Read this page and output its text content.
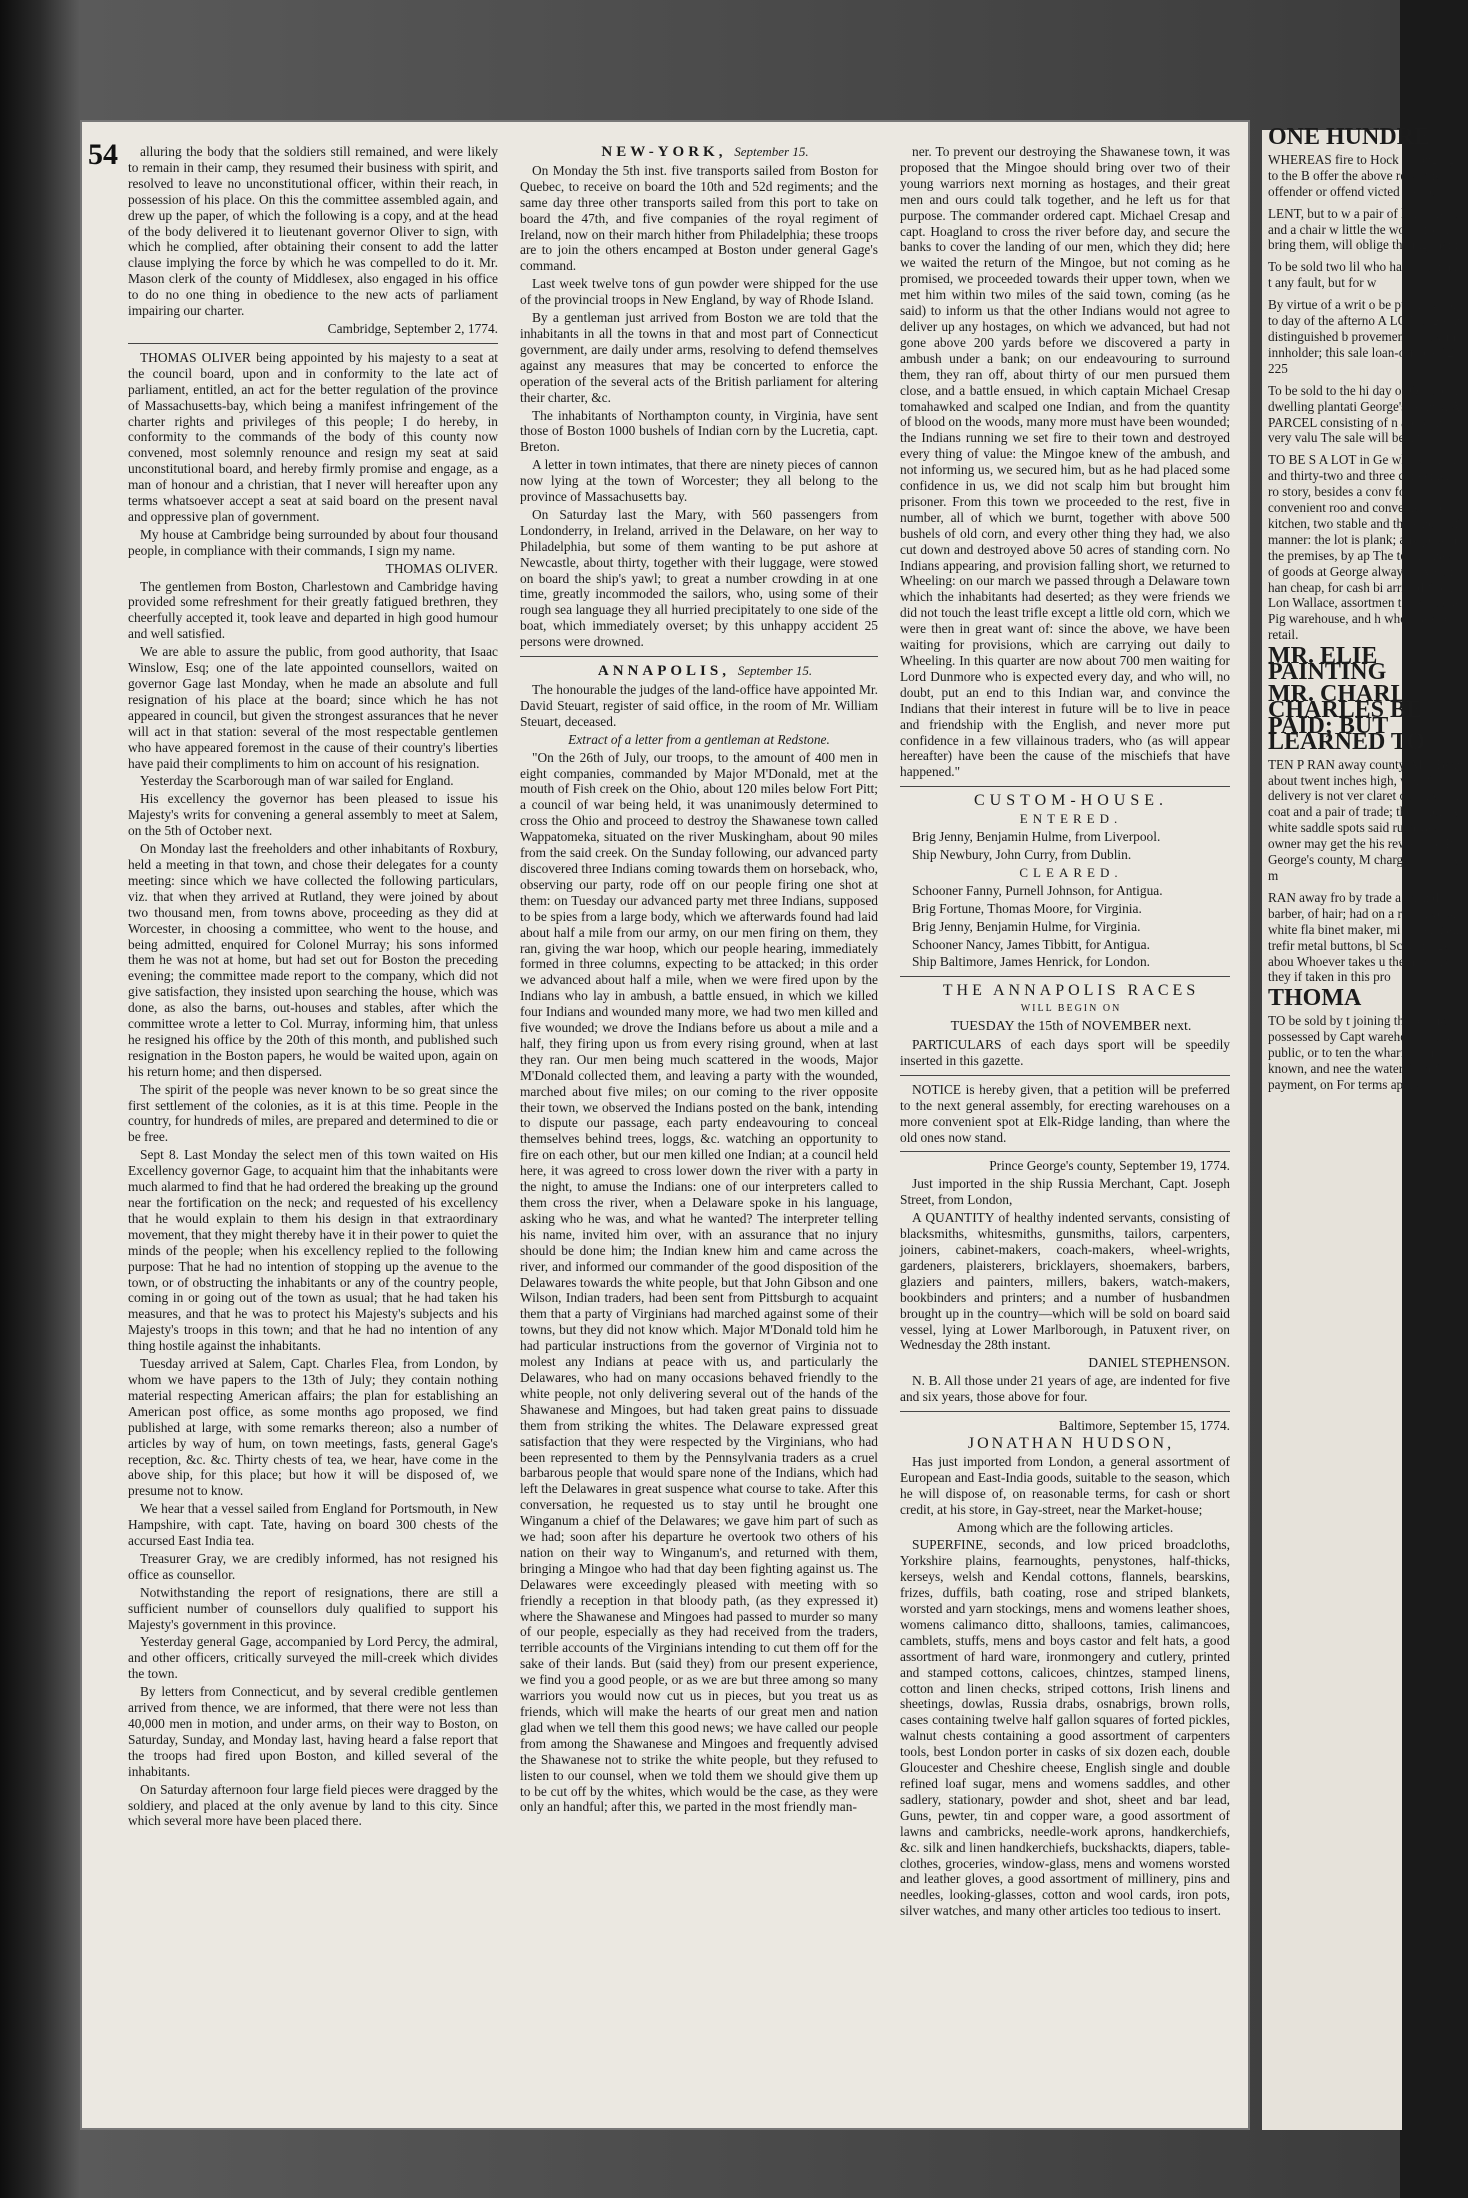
54	alluring the body that the soldiers still remained, and were likely to remain in their camp, they resumed their business with spirit, and resolved to leave no unconstitutional officer, within their reach, in possession of his place. On this the committee assembled again, and drew up the paper, of which the following is a copy, and at the head of the body delivered it to lieutenant governor Oliver to sign, with which he complied, after obtaining their consent to add the latter clause implying the force by which he was compelled to do it. Mr. Mason clerk of the county of Middlesex, also engaged in his office to do no one thing in obedience to the new acts of parliament impairing our charter.

Cambridge, September 2, 1774.

THOMAS OLIVER being appointed by his majesty to a seat at the council board, upon and in conformity to the late act of parliament, entitled, an act for the better regulation of the province of Massachusetts-bay, which being a manifest infringement of the charter rights and privileges of this people; I do hereby, in conformity to the commands of the body of this county now convened, most solemnly renounce and resign my seat at said unconstitutional board, and hereby firmly promise and engage, as a man of honour and a christian, that I never will hereafter upon any terms whatsoever accept a seat at said board on the present naval and oppressive plan of government.

My house at Cambridge being surrounded by about four thousand people, in compliance with their commands, I sign my name.

THOMAS OLIVER.

The gentlemen from Boston, Charlestown and Cambridge having provided some refreshment for their greatly fatigued brethren, they cheerfully accepted it, took leave and departed in high good humour and well satisfied.

We are able to assure the public, from good authority, that Isaac Winslow, Esq; one of the late appointed counsellors, waited on governor Gage last Monday, when he made an absolute and full resignation of his place at the board; since which he has not appeared in council, but given the strongest assurances that he never will act in that station: several of the most respectable gentlemen who have appeared foremost in the cause of their country's liberties have paid their compliments to him on account of his resignation.

Yesterday the Scarborough man of war sailed for England.

His excellency the governor has been pleased to issue his Majesty's writs for convening a general assembly to meet at Salem, on the 5th of October next.

On Monday last the freeholders and other inhabitants of Roxbury, held a meeting in that town, and chose their delegates for a county meeting: since which we have collected the following particulars, viz. that when they arrived at Rutland, they were joined by about two thousand men, from towns above, proceeding as they did at Worcester, in choosing a committee, who went to the house, and being admitted, enquired for Colonel Murray; his sons informed them he was not at home, but had set out for Boston the preceding evening; the committee made report to the company, which did not give satisfaction, they insisted upon searching the house, which was done, as also the barns, out-houses and stables, after which the committee wrote a letter to Col. Murray, informing him, that unless he resigned his office by the 20th of this month, and published such resignation in the Boston papers, he would be waited upon, again on his return home; and then dispersed.

The spirit of the people was never known to be so great since the first settlement of the colonies, as it is at this time. People in the country, for hundreds of miles, are prepared and determined to die or be free.

Sept 8. Last Monday the select men of this town waited on His Excellency governor Gage, to acquaint him that the inhabitants were much alarmed to find that he had ordered the breaking up the ground near the fortification on the neck; and requested of his excellency that he would explain to them his design in that extraordinary movement, that they might thereby have it in their power to quiet the minds of the people; when his excellency replied to the following purpose: That he had no intention of stopping up the avenue to the town, or of obstructing the inhabitants or any of the country people, coming in or going out of the town as usual; that he had taken his measures, and that he was to protect his Majesty's subjects and his Majesty's troops in this town; and that he had no intention of any thing hostile against the inhabitants.

Tuesday arrived at Salem, Capt. Charles Flea, from London, by whom we have papers to the 13th of July; they contain nothing material respecting American affairs; the plan for establishing an American post office, as some months ago proposed, we find published at large, with some remarks thereon; also a number of articles by way of hum, on town meetings, fasts, general Gage's reception, &c. &c. Thirty chests of tea, we hear, have come in the above ship, for this place; but how it will be disposed of, we presume not to know.

We hear that a vessel sailed from England for Portsmouth, in New Hampshire, with capt. Tate, having on board 300 chests of the accursed East India tea.

Treasurer Gray, we are credibly informed, has not resigned his office as counsellor.

Notwithstanding the report of resignations, there are still a sufficient number of counsellors duly qualified to support his Majesty's government in this province.

Yesterday general Gage, accompanied by Lord Percy, the admiral, and other officers, critically surveyed the mill-creek which divides the town.

By letters from Connecticut, and by several credible gentlemen arrived from thence, we are informed, that there were not less than 40,000 men in motion, and under arms, on their way to Boston, on Saturday, Sunday, and Monday last, having heard a false report that the troops had fired upon Boston, and killed several of the inhabitants.

On Saturday afternoon four large field pieces were dragged by the soldiery, and placed at the only avenue by land to this city. Since which several more have been placed there.

NEW-YORK, September 15.

On Monday the 5th inst. five transports sailed from Boston for Quebec, to receive on board the 10th and 52d regiments; and the same day three other transports sailed from this port to take on board the 47th, and five companies of the royal regiment of Ireland, now on their march hither from Philadelphia; these troops are to join the others encamped at Boston under general Gage's command.

Last week twelve tons of gun powder were shipped for the use of the provincial troops in New England, by way of Rhode Island.

By a gentleman just arrived from Boston we are told that the inhabitants in all the towns in that and most part of Connecticut government, are daily under arms, resolving to defend themselves against any measures that may be concerted to enforce the operation of the several acts of the British parliament for altering their charter, &c.

The inhabitants of Northampton county, in Virginia, have sent those of Boston 1000 bushels of Indian corn by the Lucretia, capt. Breton.

A letter in town intimates, that there are ninety pieces of cannon now lying at the town of Worcester; they all belong to the province of Massachusetts bay.

On Saturday last the Mary, with 560 passengers from Londonderry, in Ireland, arrived in the Delaware, on her way to Philadelphia, but some of them wanting to be put ashore at Newcastle, about thirty, together with their luggage, were stowed on board the ship's yawl; to great a number crowding in at one time, greatly incommoded the sailors, who, using some of their rough sea language they all hurried precipitately to one side of the boat, which immediately overset; by this unhappy accident 25 persons were drowned.

ANNAPOLIS, September 15.

The honourable the judges of the land-office have appointed Mr. David Steuart, register of said office, in the room of Mr. William Steuart, deceased.

Extract of a letter from a gentleman at Redstone.

"On the 26th of July, our troops, to the amount of 400 men in eight companies, commanded by Major M'Donald, met at the mouth of Fish creek on the Ohio, about 120 miles below Fort Pitt; a council of war being held, it was unanimously determined to cross the Ohio and proceed to destroy the Shawanese town called Wappatomeka, situated on the river Muskingham, about 90 miles from the said creek. On the Sunday following, our advanced party discovered three Indians coming towards them on horseback, who, observing our party, rode off on our people firing one shot at them: on Tuesday our advanced party met three Indians, supposed to be spies from a large body, which we afterwards found had laid about half a mile from our army, on our men firing on them, they ran, giving the war hoop, which our people hearing, immediately formed in three columns, expecting to be attacked; in this order we advanced about half a mile, when we were fired upon by the Indians who lay in ambush, a battle ensued, in which we killed four Indians and wounded many more, we had two men killed and five wounded; we drove the Indians before us about a mile and a half, they firing upon us from every rising ground, when at last they ran. Our men being much scattered in the woods, Major M'Donald collected them, and leaving a party with the wounded, marched about five miles; on our coming to the river opposite their town, we observed the Indians posted on the bank, intending to dispute our passage, each party endeavouring to conceal themselves behind trees, loggs, &c. watching an opportunity to fire on each other, but our men killed one Indian; at a council held here, it was agreed to cross lower down the river with a party in the night, to amuse the Indians: one of our interpreters called to them cross the river, when a Delaware spoke in his language, asking who he was, and what he wanted? The interpreter telling his name, invited him over, with an assurance that no injury should be done him; the Indian knew him and came across the river, and informed our commander of the good disposition of the Delawares towards the white people, but that John Gibson and one Wilson, Indian traders, had been sent from Pittsburgh to acquaint them that a party of Virginians had marched against some of their towns, but they did not know which. Major M'Donald told him he had particular instructions from the governor of Virginia not to molest any Indians at peace with us, and particularly the Delawares, who had on many occasions behaved friendly to the white people, not only delivering several out of the hands of the Shawanese and Mingoes, but had taken great pains to dissuade them from striking the whites. The Delaware expressed great satisfaction that they were respected by the Virginians, who had been represented to them by the Pennsylvania traders as a cruel barbarous people that would spare none of the Indians, which had left the Delawares in great suspence what course to take. After this conversation, he requested us to stay until he brought one Winganum a chief of the Delawares; we gave him part of such as we had; soon after his departure he overtook two others of his nation on their way to Winganum's, and returned with them, bringing a Mingoe who had that day been fighting against us. The Delawares were exceedingly pleased with meeting with so friendly a reception in that bloody path, (as they expressed it) where the Shawanese and Mingoes had passed to murder so many of our people, especially as they had received from the traders, terrible accounts of the Virginians intending to cut them off for the sake of their lands. But (said they) from our present experience, we find you a good people, or as we are but three among so many warriors you would now cut us in pieces, but you treat us as friends, which will make the hearts of our great men and nation glad when we tell them this good news; we have called our people from among the Shawanese and Mingoes and frequently advised the Shawanese not to strike the white people, but they refused to listen to our counsel, when we told them we should give them up to be cut off by the whites, which would be the case, as they were only an handful; after this, we parted in the most friendly man-

ner. To prevent our destroying the Shawanese town, it was proposed that the Mingoe should bring over two of their young warriors next morning as hostages, and their great men and ours could talk together, and he left us for that purpose. The commander ordered capt. Michael Cresap and capt. Hoagland to cross the river before day, and secure the banks to cover the landing of our men, which they did; here we waited the return of the Mingoe, but not coming as he promised, we proceeded towards their upper town, when we met him within two miles of the said town, coming (as he said) to inform us that the other Indians would not agree to deliver up any hostages, on which we advanced, but had not gone above 200 yards before we discovered a party in ambush under a bank; on our endeavouring to surround them, they ran off, about thirty of our men pursued them close, and a battle ensued, in which captain Michael Cresap tomahawked and scalped one Indian, and from the quantity of blood on the woods, many more must have been wounded; the Indians running we set fire to their town and destroyed every thing of value: the Mingoe knew of the ambush, and not informing us, we secured him, but as he had placed some confidence in us, we did not scalp him but brought him prisoner. From this town we proceeded to the rest, five in number, all of which we burnt, together with above 500 bushels of old corn, and every other thing they had, we also cut down and destroyed above 50 acres of standing corn. No Indians appearing, and provision falling short, we returned to Wheeling: on our march we passed through a Delaware town which the inhabitants had deserted; as they were friends we did not touch the least trifle except a little old corn, which we were then in great want of: since the above, we have been waiting for provisions, which are carrying out daily to Wheeling. In this quarter are now about 700 men waiting for Lord Dunmore who is expected every day, and who will, no doubt, put an end to this Indian war, and convince the Indians that their interest in future will be to live in peace and friendship with the English, and never more put confidence in a few villainous traders, who (as will appear hereafter) have been the cause of the mischiefs that have happened."

CUSTOM-HOUSE.

ENTERED.

Brig Jenny, Benjamin Hulme, from Liverpool.

Ship Newbury, John Curry, from Dublin.

CLEARED.

Schooner Fanny, Purnell Johnson, for Antigua.

Brig Fortune, Thomas Moore, for Virginia.

Brig Jenny, Benjamin Hulme, for Virginia.

Schooner Nancy, James Tibbitt, for Antigua.

Ship Baltimore, James Henrick, for London.

THE ANNAPOLIS RACES

WILL BEGIN ON

TUESDAY the 15th of NOVEMBER next.

PARTICULARS of each days sport will be speedily inserted in this gazette.

NOTICE is hereby given, that a petition will be preferred to the next general assembly, for erecting warehouses on a more convenient spot at Elk-Ridge landing, than where the old ones now stand.

Prince George's county, September 19, 1774.

Just imported in the ship Russia Merchant, Capt. Joseph Street, from London,

A QUANTITY of healthy indented servants, consisting of blacksmiths, whitesmiths, gunsmiths, tailors, carpenters, joiners, cabinet-makers, coach-makers, wheel-wrights, gardeners, plaisterers, bricklayers, shoemakers, barbers, glaziers and painters, millers, bakers, watch-makers, bookbinders and printers; and a number of husbandmen brought up in the country—which will be sold on board said vessel, lying at Lower Marlborough, in Patuxent river, on Wednesday the 28th instant.

DANIEL STEPHENSON.

N. B. All those under 21 years of age, are indented for five and six years, those above for four.

Baltimore, September 15, 1774.

JONATHAN HUDSON,

Has just imported from London, a general assortment of European and East-India goods, suitable to the season, which he will dispose of, on reasonable terms, for cash or short credit, at his store, in Gay-street, near the Market-house;

Among which are the following articles.

SUPERFINE, seconds, and low priced broadcloths, Yorkshire plains, fearnoughts, penystones, half-thicks, kerseys, welsh and Kendal cottons, flannels, bearskins, frizes, duffils, bath coating, rose and striped blankets, worsted and yarn stockings, mens and womens leather shoes, womens calimanco ditto, shalloons, tamies, calimancoes, camblets, stuffs, mens and boys castor and felt hats, a good assortment of hard ware, ironmongery and cutlery, printed and stamped cottons, calicoes, chintzes, stamped linens, cotton and linen checks, striped cottons, Irish linens and sheetings, dowlas, Russia drabs, osnabrigs, brown rolls, cases containing twelve half gallon squares of forted pickles, walnut chests containing a good assortment of carpenters tools, best London porter in casks of six dozen each, double Gloucester and Cheshire cheese, English single and double refined loaf sugar, mens and womens saddles, and other sadlery, stationary, powder and shot, sheet and bar lead, Guns, pewter, tin and copper ware, a good assortment of lawns and cambricks, needle-work aprons, handkerchiefs, &c. silk and linen handkerchiefs, buckshackts, diapers, table-clothes, groceries, window-glass, mens and womens worsted and leather gloves, a good assortment of millinery, pins and needles, looking-glasses, cotton and wool cards, iron pots, silver watches, and many other articles too tedious to insert.

ONE HUNDRE

WHEREAS fire to Hock belonging to the B offer the above rewa the offender or offend victed thereof.

LENT, but to w a pair of leathe rents, and a chair w little the worse for u bring them, will oblige the ing them.

To be sold two lil who have both had t any fault, but for w

By virtue of a writ o be publicly sold to day of the afterno A LOT of groun distinguished b provements, now in innholder; this sale loan-office of £ 225

To be sold to the hi day of October n dwelling plantati George's county, A PARCEL consisting of n are some very valu The sale will be att

TO BE S A LOT in Ge wherein is a and thirty-two and three convenient ro story, besides a conv four convenient roo and convenient cel kitchen, two stable and the whole of manner: the lot is plank; any person the premises, by ap The terms may be of goods at George always have on han cheap, for cash bi arrived from Lon Wallace, assortmen to be sold at Pig warehouse, and h wholesale or retail.

MR. ELIE PAINTING

MR. CHARL CHARLES BE PAID; BUT LEARNED TO

TEN P RAN away county, Mar Bean, about twent inches high, well fo delivery is not ver claret coloured bi coat and a pair of trade; the tailor by white saddle spots said runaway, or owner may get the his reward, or Pr George's county, M charges, paid by m

RAN away fro by trade a ba and barber, of hair; had on a re drawers, white fla binet maker, mi flaxen hair, trefir metal buttons, bl Scotch, aged abou Whoever takes u them, so as they if taken in this pro

THOMA

TO be sold by t joining the public possessed by Capt warehouses or clo public, or to ten the wharf and i known, and nee the water for a for payment, on For terms apply t
